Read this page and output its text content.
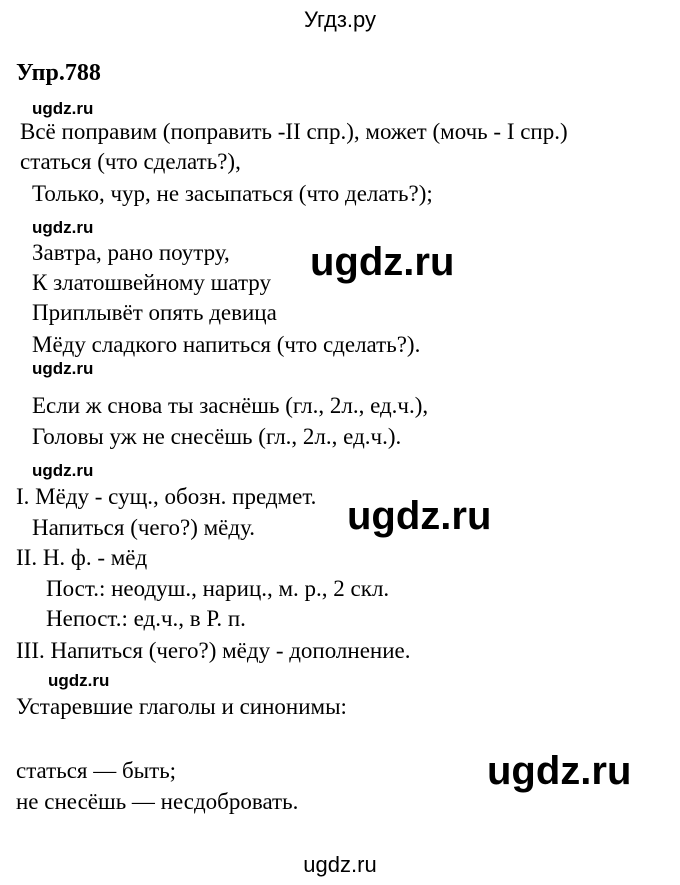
Угдз.ру
Упр.788
ugdz.ru
Всё поправим (поправить -II спр.), может (мочь - I спр.)
статься (что сделать?),
Только, чур, не засыпаться (что делать?);
ugdz.ru
Завтра, рано поутру, ugdz.ru
К златошвейному шатру
Приплывёт опять девица
Мёду сладкого напиться (что сделать?).
ugdz.ru
Если ж снова ты заснёшь (гл., 2л., ед.ч.),
Головы уж не снесёшь (гл., 2л., ед.ч.).
ugdz.ru
I. Мёду - сущ., обозн. предмет. ugdz.ru
Напиться (чего?) мёду.
II. Н. ф. - мёд
Пост.: неодуш., нариц., м. р., 2 скл.
Непост.: ед.ч., в Р. п.
III. Напиться (чего?) мёду - дополнение.
ugdz.ru
Устаревшие глаголы и синонимы:
статься — быть;	ugdz.ru
не снесёшь — несдобровать.
ugdz.ru
